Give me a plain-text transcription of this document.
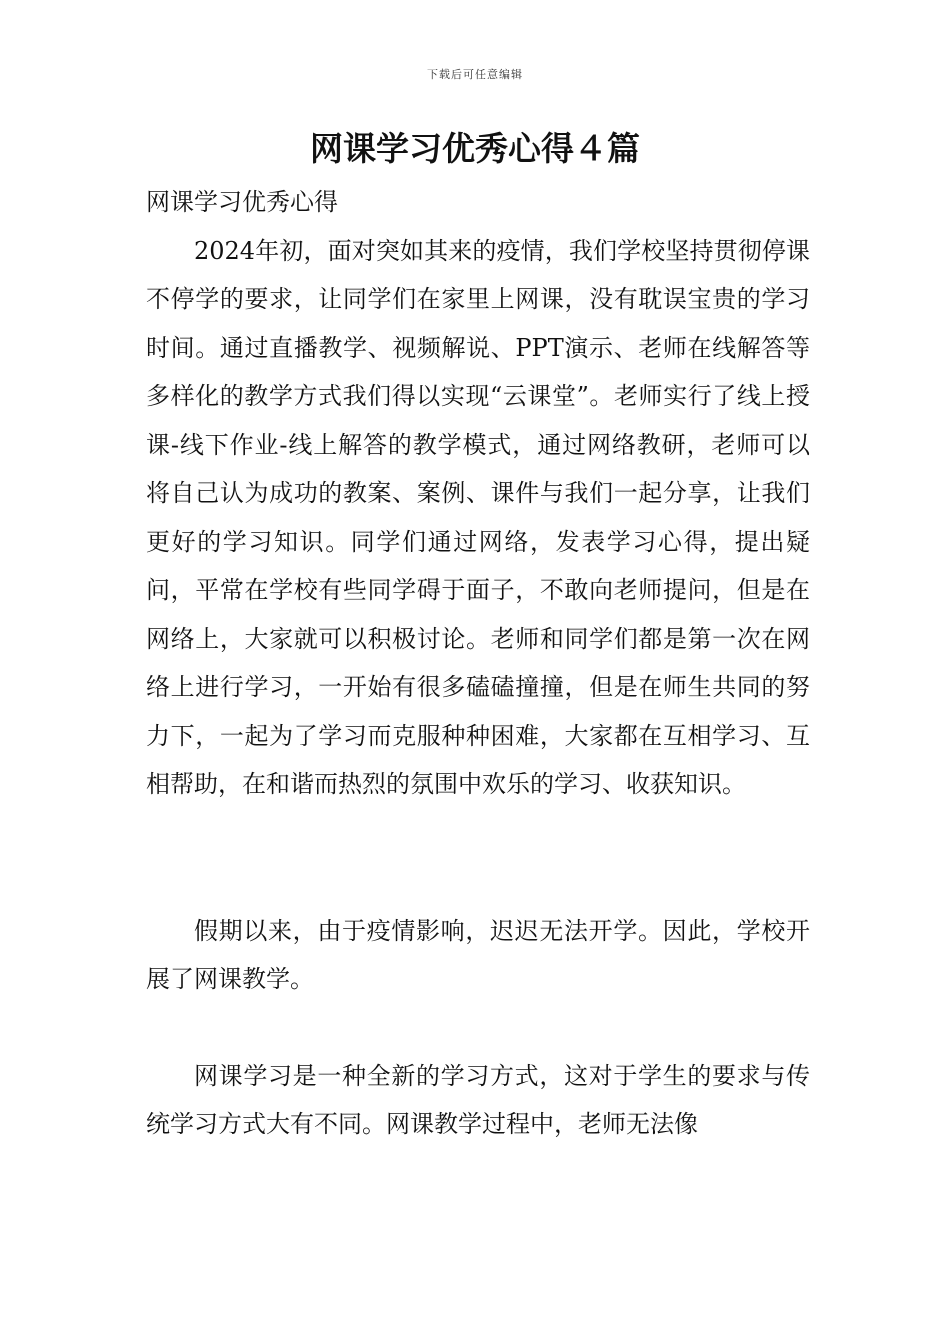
下载后可任意编辑
网课学习优秀心得４篇

网课学习优秀心得

2024年初，面对突如其来的疫情，我们学校坚持贯彻停课不停学的要求，让同学们在家里上网课，没有耽误宝贵的学习时间。通过直播教学、视频解说、PPT演示、老师在线解答等多样化的教学方式我们得以实现“云课堂”。老师实行了线上授课-线下作业-线上解答的教学模式，通过网络教研，老师可以将自己认为成功的教案、案例、课件与我们一起分享，让我们更好的学习知识。同学们通过网络，发表学习心得，提出疑问，平常在学校有些同学碍于面子，不敢向老师提问，但是在网络上，大家就可以积极讨论。老师和同学们都是第一次在网络上进行学习，一开始有很多磕磕撞撞，但是在师生共同的努力下，一起为了学习而克服种种困难，大家都在互相学习、互相帮助，在和谐而热烈的氛围中欢乐的学习、收获知识。

假期以来，由于疫情影响，迟迟无法开学。因此，学校开展了网课教学。

网课学习是一种全新的学习方式，这对于学生的要求与传统学习方式大有不同。网课教学过程中，老师无法像
